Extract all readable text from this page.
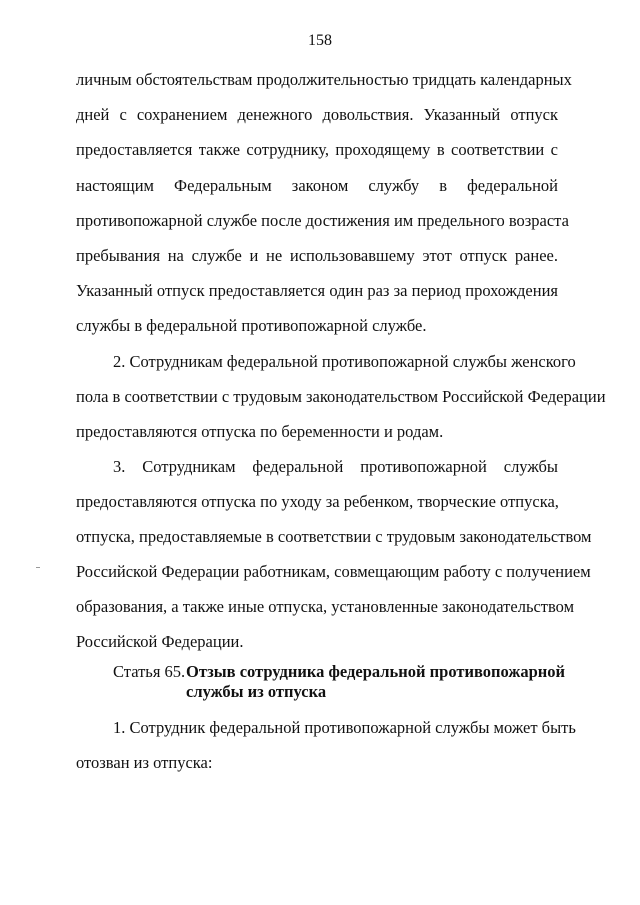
158
личным обстоятельствам продолжительностью тридцать календарных
дней с сохранением денежного довольствия. Указанный отпуск
предоставляется также сотруднику, проходящему в соответствии с
настоящим Федеральным законом службу в федеральной
противопожарной службе после достижения им предельного возраста
пребывания на службе и не использовавшему этот отпуск ранее.
Указанный отпуск предоставляется один раз за период прохождения
службы в федеральной противопожарной службе.
2. Сотрудникам федеральной противопожарной службы женского
пола в соответствии с трудовым законодательством Российской Федерации
предоставляются отпуска по беременности и родам.
3. Сотрудникам федеральной противопожарной службы
предоставляются отпуска по уходу за ребенком, творческие отпуска,
отпуска, предоставляемые в соответствии с трудовым законодательством
Российской Федерации работникам, совмещающим работу с получением
образования, а также иные отпуска, установленные законодательством
Российской Федерации.
Статья 65. Отзыв сотрудника федеральной противопожарной
службы из отпуска
1. Сотрудник федеральной противопожарной службы может быть
отозван из отпуска:
